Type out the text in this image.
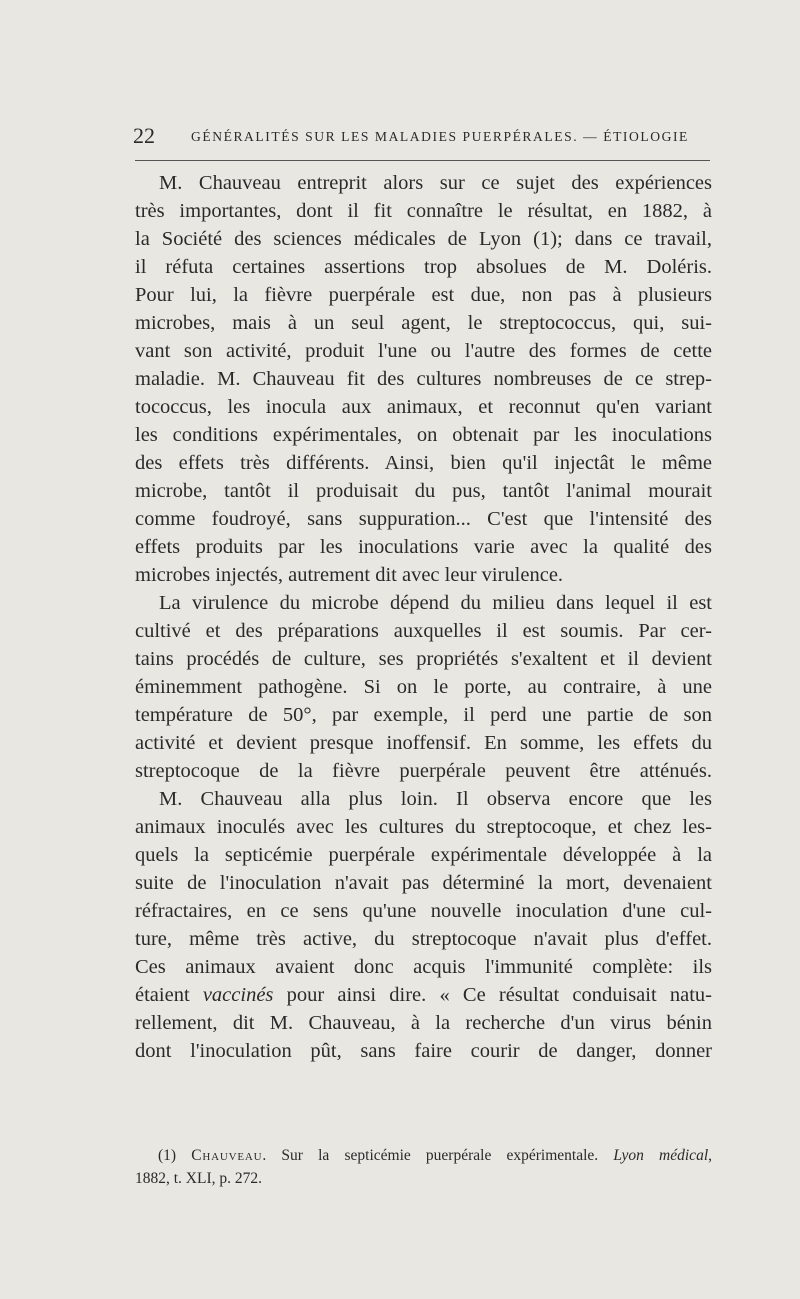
22	GÉNÉRALITÉS SUR LES MALADIES PUERPÉRALES. — ÉTIOLOGIE
M. Chauveau entreprit alors sur ce sujet des expériences
très importantes, dont il fit connaître le résultat, en 1882, à
la Société des sciences médicales de Lyon (1); dans ce travail,
il réfuta certaines assertions trop absolues de M. Doléris.
Pour lui, la fièvre puerpérale est due, non pas à plusieurs
microbes, mais à un seul agent, le streptococcus, qui, sui-
vant son activité, produit l'une ou l'autre des formes de cette
maladie. M. Chauveau fit des cultures nombreuses de ce strep-
tococcus, les inocula aux animaux, et reconnut qu'en variant
les conditions expérimentales, on obtenait par les inoculations
des effets très différents. Ainsi, bien qu'il injectât le même
microbe, tantôt il produisait du pus, tantôt l'animal mourait
comme foudroyé, sans suppuration... C'est que l'intensité des
effets produits par les inoculations varie avec la qualité des
microbes injectés, autrement dit avec leur virulence.
La virulence du microbe dépend du milieu dans lequel il est
cultivé et des préparations auxquelles il est soumis. Par cer-
tains procédés de culture, ses propriétés s'exaltent et il devient
éminemment pathogène. Si on le porte, au contraire, à une
température de 50°, par exemple, il perd une partie de son
activité et devient presque inoffensif. En somme, les effets du
streptocoque de la fièvre puerpérale peuvent être atténués.
M. Chauveau alla plus loin. Il observa encore que les
animaux inoculés avec les cultures du streptocoque, et chez les-
quels la septicémie puerpérale expérimentale développée à la
suite de l'inoculation n'avait pas déterminé la mort, devenaient
réfractaires, en ce sens qu'une nouvelle inoculation d'une cul-
ture, même très active, du streptocoque n'avait plus d'effet.
Ces animaux avaient donc acquis l'immunité complète: ils
étaient vaccinés pour ainsi dire. « Ce résultat conduisait natu-
rellement, dit M. Chauveau, à la recherche d'un virus bénin
dont l'inoculation pût, sans faire courir de danger, donner
(1) Chauveau. Sur la septicémie puerpérale expérimentale. Lyon médical,
1882, t. XLI, p. 272.
